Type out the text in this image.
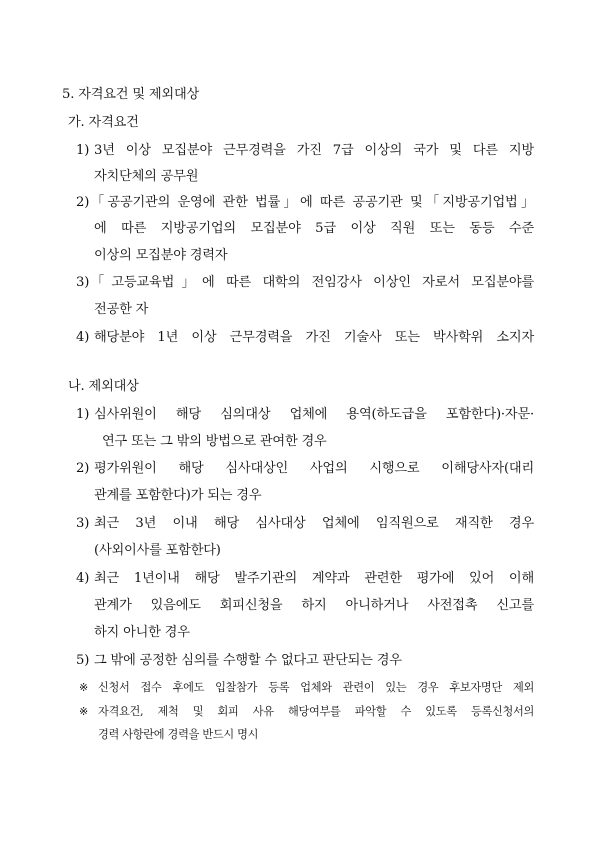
5. 자격요건 및 제외대상
가. 자격요건
1) 3년 이상 모집분야 근무경력을 가진 7급 이상의 국가 및 다른 지방
자치단체의 공무원
2) 「공공기관의 운영에 관한 법률」에 따른 공공기관 및「지방공기업법」
에 따른 지방공기업의 모집분야 5급 이상 직원 또는 동등 수준
이상의 모집분야 경력자
3) 「고등교육법」에 따른 대학의 전임강사 이상인 자로서 모집분야를
전공한 자
4) 해당분야 1년 이상 근무경력을 가진 기술사 또는 박사학위 소지자
나. 제외대상
1) 심사위원이 해당 심의대상 업체에 용역(하도급을 포함한다)·자문·
연구 또는 그 밖의 방법으로 관여한 경우
2) 평가위원이 해당 심사대상인 사업의 시행으로 이해당사자(대리
관계를 포함한다)가 되는 경우
3) 최근 3년 이내 해당 심사대상 업체에 임직원으로 재직한 경우
(사외이사를 포함한다)
4) 최근 1년이내 해당 발주기관의 계약과 관련한 평가에 있어 이해
관계가 있음에도 회피신청을 하지 아니하거나 사전접촉 신고를
하지 아니한 경우
5) 그 밖에 공정한 심의를 수행할 수 없다고 판단되는 경우
※ 신청서 접수 후에도 입찰참가 등록 업체와 관련이 있는 경우 후보자명단 제외
※ 자격요건, 제척 및 회피 사유 해당여부를 파악할 수 있도록 등록신청서의
경력 사항란에 경력을 반드시 명시
